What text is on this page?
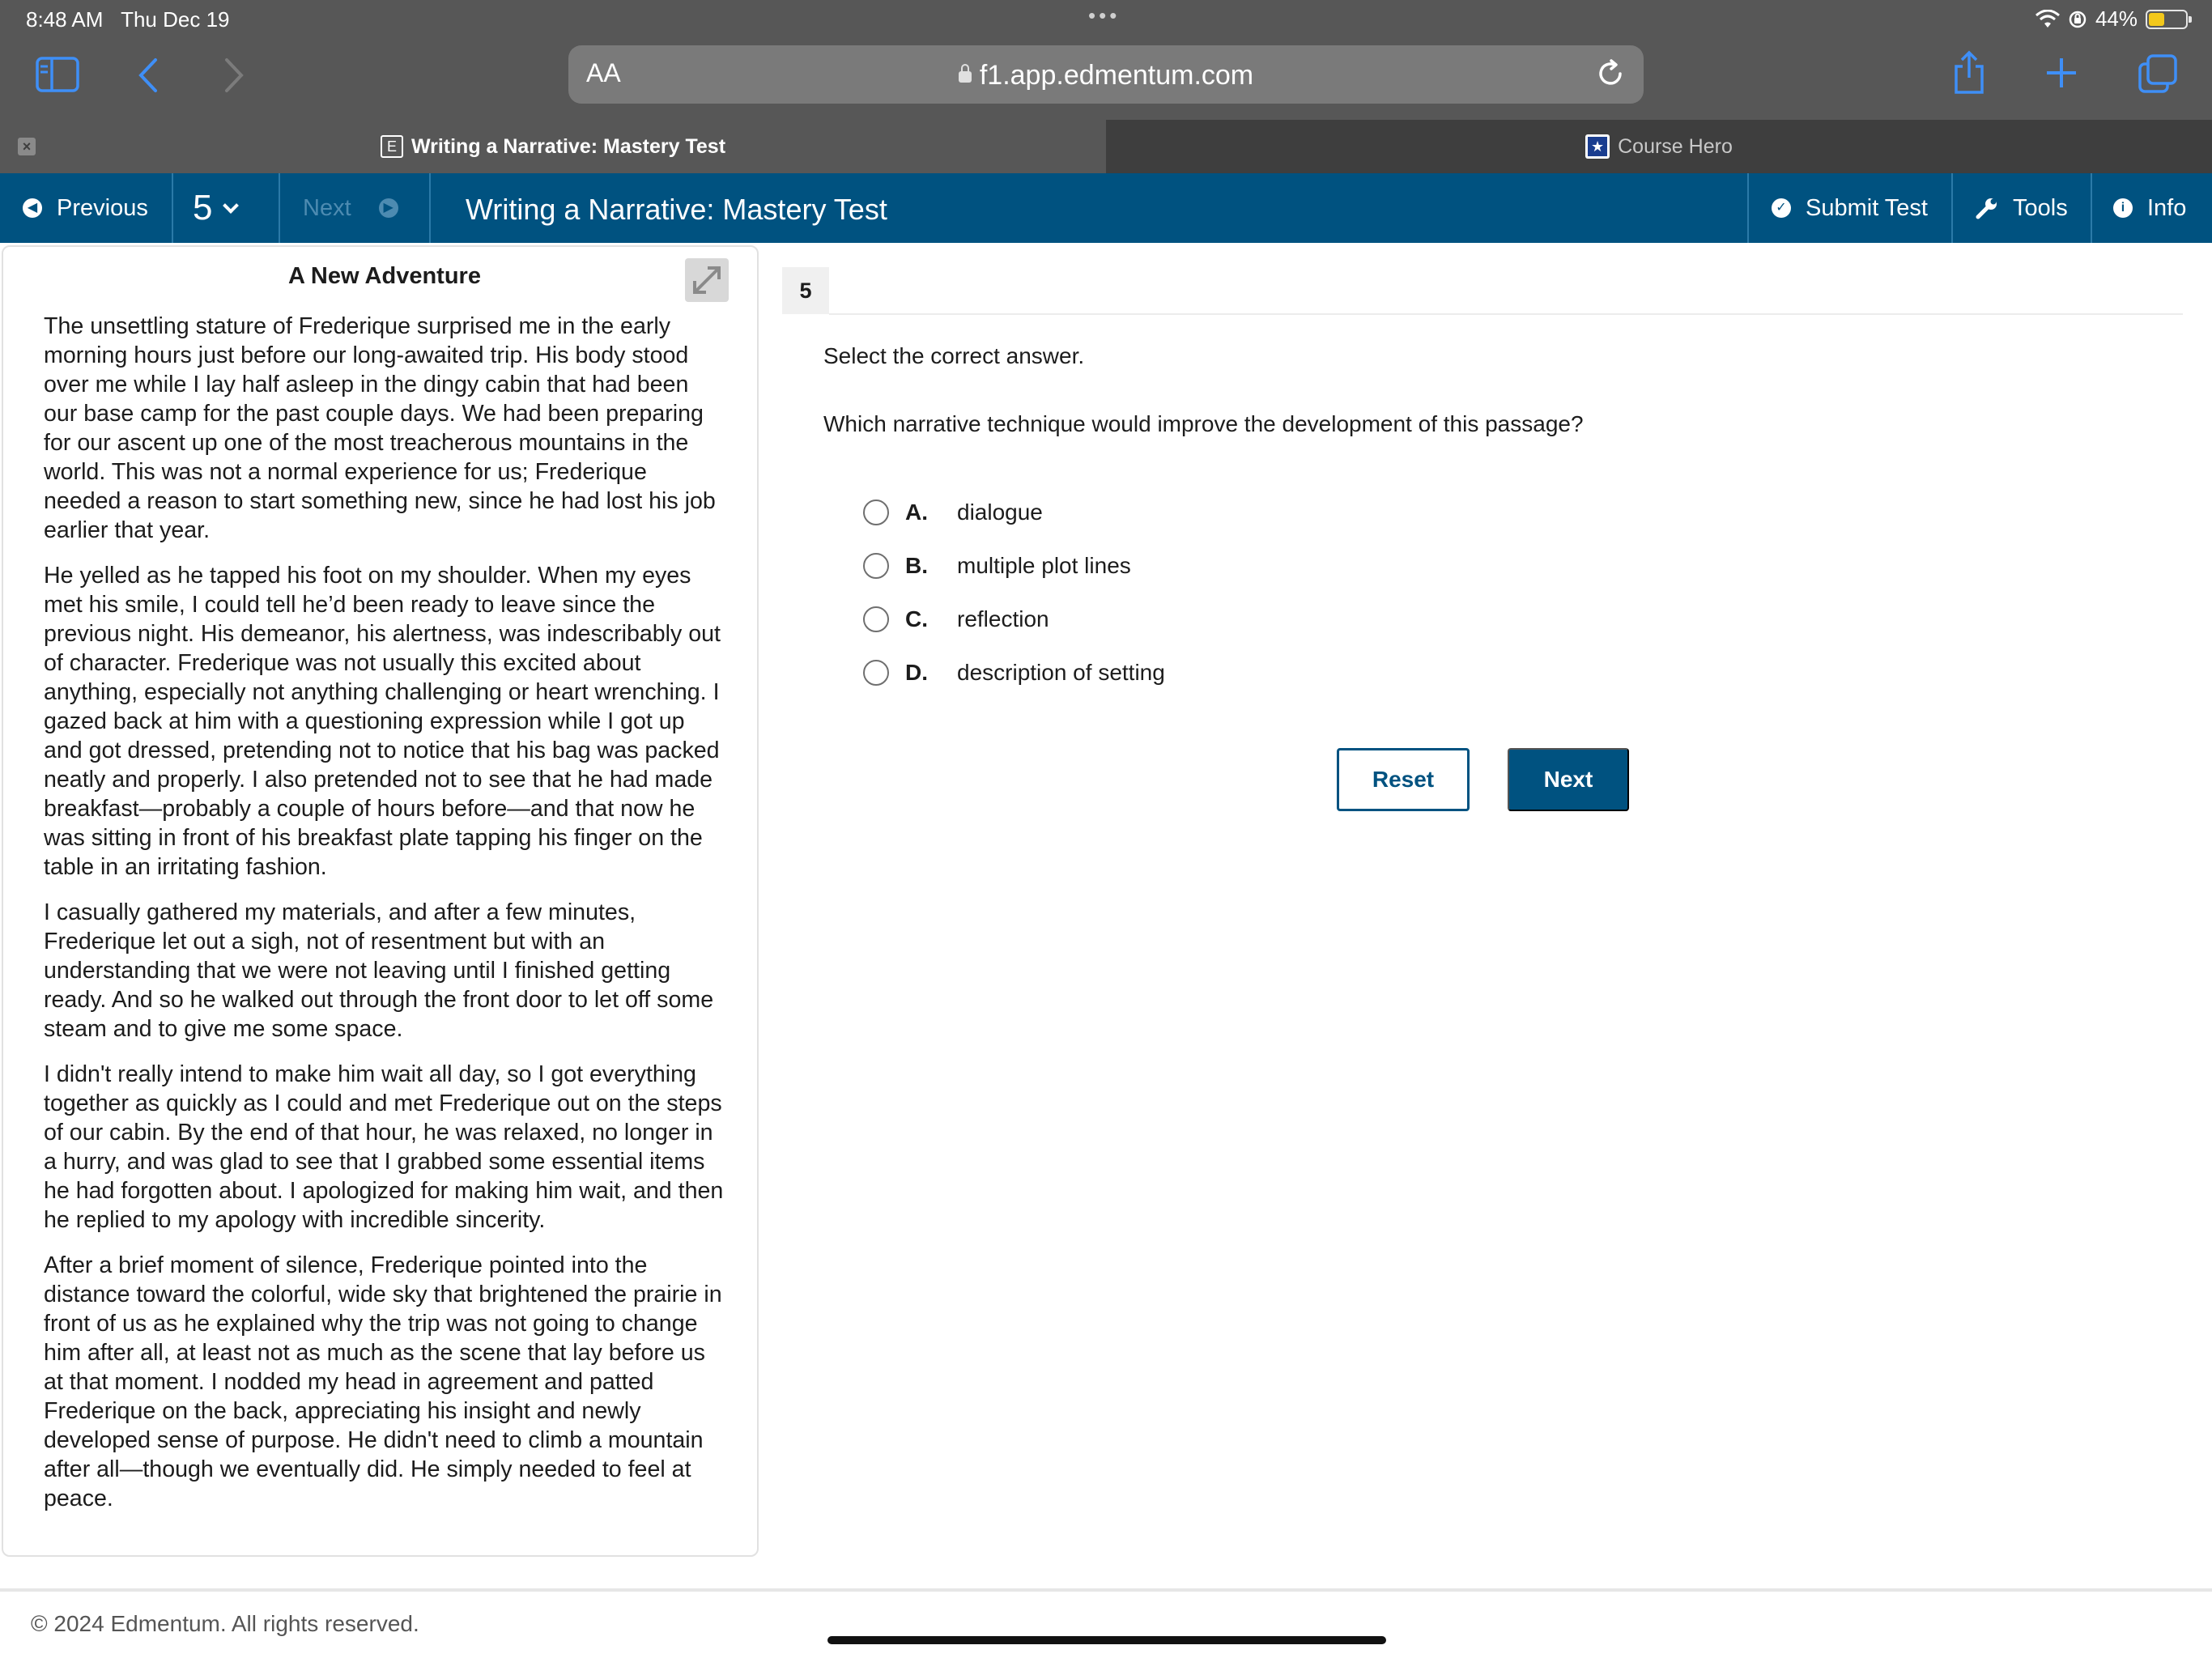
8:48 AM Thu Dec 19	•••	44%
AA	f1.app.edmentum.com
×	E Writing a Narrative: Mastery Test
★	Course Hero
◀ Previous 5	Next	▶ Writing a Narrative: Mastery Test	✓ Submit Test	Tools	i Info
A New Adventure

The unsettling stature of Frederique surprised me in the early morning hours just before our long-awaited trip. His body stood over me while I lay half asleep in the dingy cabin that had been our base camp for the past couple days. We had been preparing for our ascent up one of the most treacherous mountains in the world. This was not a normal experience for us; Frederique needed a reason to start something new, since he had lost his job earlier that year.

He yelled as he tapped his foot on my shoulder. When my eyes met his smile, I could tell he’d been ready to leave since the previous night. His demeanor, his alertness, was indescribably out of character. Frederique was not usually this excited about anything, especially not anything challenging or heart wrenching. I gazed back at him with a questioning expression while I got up and got dressed, pretending not to notice that his bag was packed neatly and properly. I also pretended not to see that he had made breakfast—probably a couple of hours before—and that now he was sitting in front of his breakfast plate tapping his finger on the table in an irritating fashion.

I casually gathered my materials, and after a few minutes, Frederique let out a sigh, not of resentment but with an understanding that we were not leaving until I finished getting ready. And so he walked out through the front door to let off some steam and to give me some space.

I didn't really intend to make him wait all day, so I got everything together as quickly as I could and met Frederique out on the steps of our cabin. By the end of that hour, he was relaxed, no longer in a hurry, and was glad to see that I grabbed some essential items he had forgotten about. I apologized for making him wait, and then he replied to my apology with incredible sincerity.

After a brief moment of silence, Frederique pointed into the distance toward the colorful, wide sky that brightened the prairie in front of us as he explained why the trip was not going to change him after all, at least not as much as the scene that lay before us at that moment. I nodded my head in agreement and patted Frederique on the back, appreciating his insight and newly developed sense of purpose. He didn't need to climb a mountain after all—though we eventually did. He simply needed to feel at peace.

5
Select the correct answer.
Which narrative technique would improve the development of this passage?
A.	dialogue
B.	multiple plot lines
C.	reflection
D.	description of setting
Reset	Next
© 2024 Edmentum. All rights reserved.
